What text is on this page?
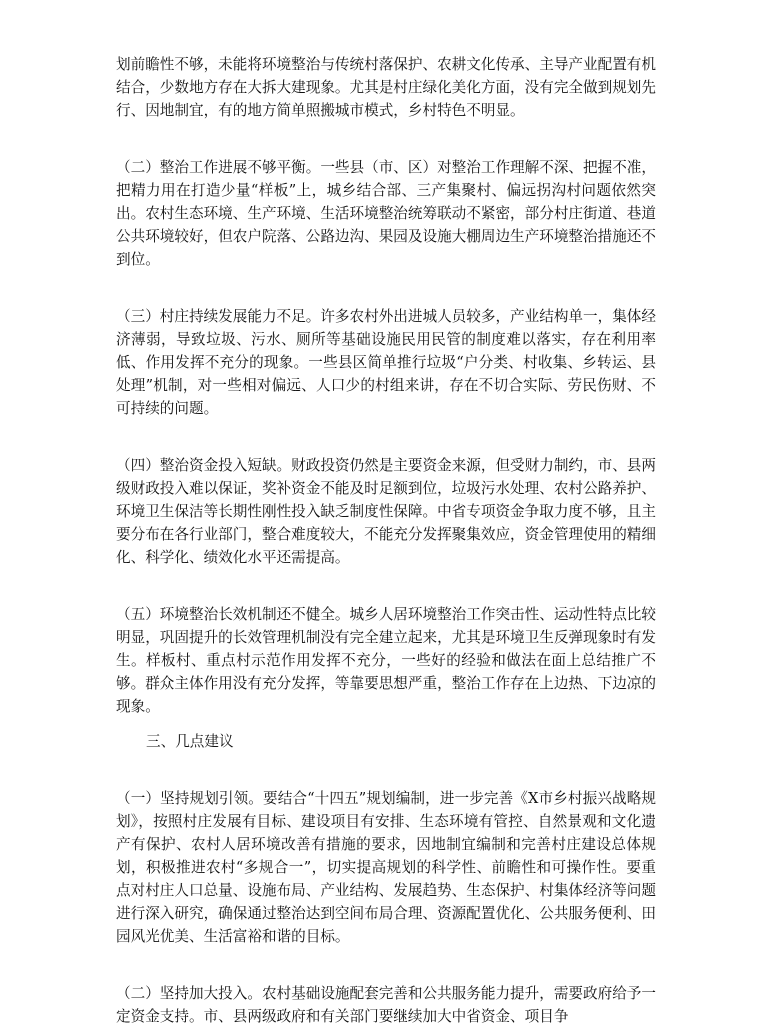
划前瞻性不够，未能将环境整治与传统村落保护、农耕文化传承、主导产业配置有机结合，少数地方存在大拆大建现象。尤其是村庄绿化美化方面，没有完全做到规划先行、因地制宜，有的地方简单照搬城市模式，乡村特色不明显。

（二）整治工作进展不够平衡。一些县（市、区）对整治工作理解不深、把握不准，把精力用在打造少量“样板”上，城乡结合部、三产集聚村、偏远拐沟村问题依然突出。农村生态环境、生产环境、生活环境整治统筹联动不紧密，部分村庄街道、巷道公共环境较好，但农户院落、公路边沟、果园及设施大棚周边生产环境整治措施还不到位。

（三）村庄持续发展能力不足。许多农村外出进城人员较多，产业结构单一，集体经济薄弱，导致垃圾、污水、厕所等基础设施民用民管的制度难以落实，存在利用率低、作用发挥不充分的现象。一些县区简单推行垃圾“户分类、村收集、乡转运、县处理”机制，对一些相对偏远、人口少的村组来讲，存在不切合实际、劳民伤财、不可持续的问题。

（四）整治资金投入短缺。财政投资仍然是主要资金来源，但受财力制约，市、县两级财政投入难以保证，奖补资金不能及时足额到位，垃圾污水处理、农村公路养护、环境卫生保洁等长期性刚性投入缺乏制度性保障。中省专项资金争取力度不够，且主要分布在各行业部门，整合难度较大，不能充分发挥聚集效应，资金管理使用的精细化、科学化、绩效化水平还需提高。

（五）环境整治长效机制还不健全。城乡人居环境整治工作突击性、运动性特点比较明显，巩固提升的长效管理机制没有完全建立起来，尤其是环境卫生反弹现象时有发生。样板村、重点村示范作用发挥不充分，一些好的经验和做法在面上总结推广不够。群众主体作用没有充分发挥，等靠要思想严重，整治工作存在上边热、下边凉的现象。

三、几点建议

（一）坚持规划引领。要结合“十四五”规划编制，进一步完善《X市乡村振兴战略规划》，按照村庄发展有目标、建设项目有安排、生态环境有管控、自然景观和文化遗产有保护、农村人居环境改善有措施的要求，因地制宜编制和完善村庄建设总体规划，积极推进农村“多规合一”，切实提高规划的科学性、前瞻性和可操作性。要重点对村庄人口总量、设施布局、产业结构、发展趋势、生态保护、村集体经济等问题进行深入研究，确保通过整治达到空间布局合理、资源配置优化、公共服务便利、田园风光优美、生活富裕和谐的目标。

（二）坚持加大投入。农村基础设施配套完善和公共服务能力提升，需要政府给予一定资金支持。市、县两级政府和有关部门要继续加大中省资金、项目争
